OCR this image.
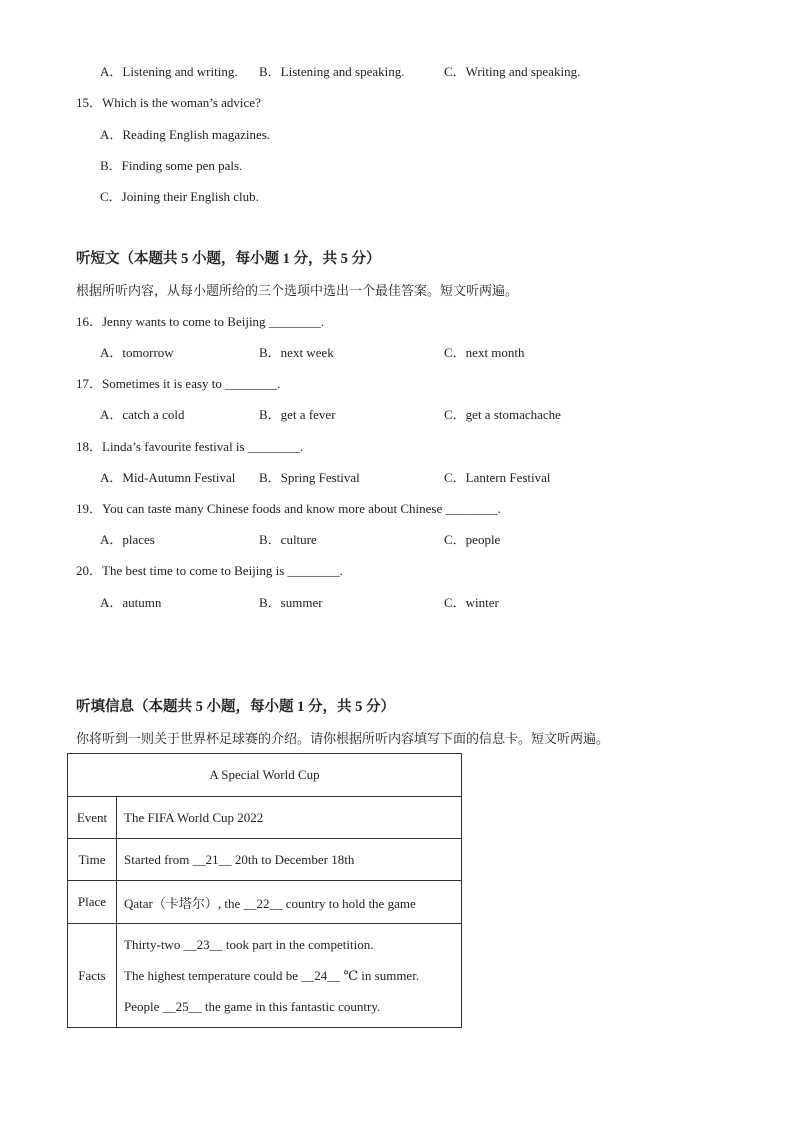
A．Listening and writing. B．Listening and speaking.	C．Writing and speaking.
15．Which is the woman’s advice?
A．Reading English magazines.
B．Finding some pen pals.
C．Joining their English club.
听短文（本题共 5 小题，每小题 1 分，共 5 分）
根据所听内容，从每小题所给的三个选项中选出一个最佳答案。短文听两遍。
16．Jenny wants to come to Beijing ________.
A．tomorrow	B．next week	C．next month
17．Sometimes it is easy to ________.
A．catch a cold	B．get a fever	C．get a stomachache
18．Linda’s favourite festival is ________.
A．Mid-Autumn Festival B．Spring Festival	C．Lantern Festival
19．You can taste many Chinese foods and know more about Chinese ________.
A．places	B．culture	C．people
20．The best time to come to Beijing is ________.
A．autumn	B．summer	C．winter
听填信息（本题共 5 小题，每小题 1 分，共 5 分）
你将听到一则关于世界杯足球赛的介绍。请你根据所听内容填写下面的信息卡。短文听两遍。
A Special World Cup	
Event	The FIFA World Cup 2022
Time	Started from __21__ 20th to December 18th
Place	Qatar（卡塔尔）, the __22__ country to hold the game
Facts	Thirty-two __23__ took part in the competition.
The highest temperature could be __24__ ℃ in summer.
People __25__ the game in this fantastic country.
